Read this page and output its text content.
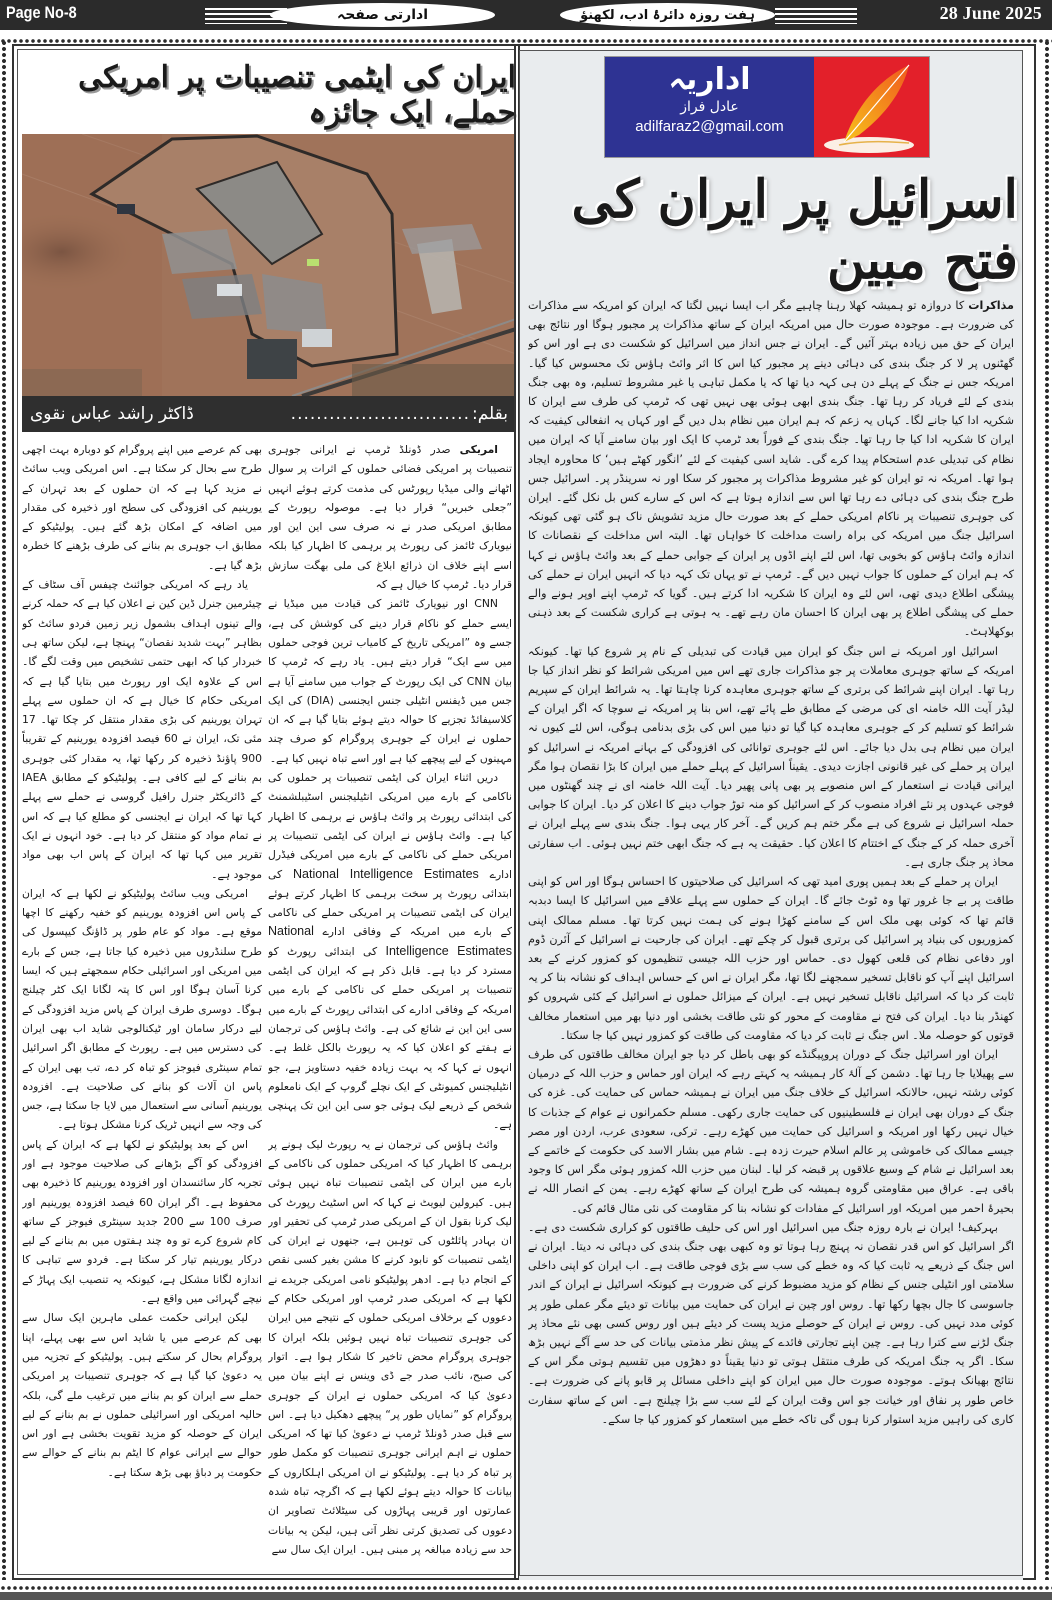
Page No-8	ادارتی صفحہ	ہفت روزہ دائرۂ ادب، لکھنؤ	28 June 2025
ایران کی ایٹمی تنصیبات پر امریکی حملے، ایک جائزہ
بقلم:
............................
ڈاکٹر راشد عباس نقوی

امریکی صدر ڈونلڈ ٹرمپ نے ایرانی جوہری تنصیبات پر امریکی فضائی حملوں کے اثرات پر سوال اٹھانے والی میڈیا رپورٹس کی مذمت کرتے ہوئے انہیں ”جعلی خبریں“ قرار دیا ہے۔ موصولہ رپورٹ کے مطابق امریکی صدر نے نہ صرف سی این این اور نیویارک ٹائمز کی رپورٹ پر برہمی کا اظہار کیا بلکہ اسے اپنے خلاف ان ذرائع ابلاغ کی ملی بھگت سازش قرار دیا۔ ٹرمپ کا خیال ہے کہ

CNN اور نیویارک ٹائمز کی قیادت میں میڈیا نے ایسے حملے کو ناکام قرار دینے کی کوشش کی ہے، جسے وہ ”امریکی تاریخ کے کامیاب ترین فوجی حملوں میں سے ایک“ قرار دیتے ہیں۔ یاد رہے کہ ٹرمپ کا بیان CNN کی ایک رپورٹ کے جواب میں سامنے آیا ہے جس میں ڈیفنس انٹیلی جنس ایجنسی (DIA) کی ایک کلاسیفائڈ تجزیے کا حوالہ دیتے ہوئے بتایا گیا ہے کہ ان حملوں نے ایران کے جوہری پروگرام کو صرف چند مہینوں کے لیے پیچھے کیا ہے اور اسے تباہ نہیں کیا ہے۔

دریں اثناء ایران کی ایٹمی تنصیبات پر حملوں کی ناکامی کے بارے میں امریکی انٹیلیجنس اسٹیبلشمنٹ کی ابتدائی رپورٹ پر وائٹ ہاؤس نے برہمی کا اظہار کیا ہے۔ وائٹ ہاؤس نے ایران کی ایٹمی تنصیبات پر امریکی حملے کی ناکامی کے بارے میں امریکی فیڈرل ادارے National Intelligence Estimates کی ابتدائی رپورٹ پر سخت برہمی کا اظہار کرتے ہوئے ایران کی ایٹمی تنصیبات پر امریکی حملے کی ناکامی کے بارے میں امریکہ کے وفاقی ادارے National Intelligence Estimates کی ابتدائی رپورٹ کو مسترد کر دیا ہے۔ قابل ذکر ہے کہ ایران کی ایٹمی تنصیبات پر امریکی حملے کی ناکامی کے بارے میں امریکہ کے وفاقی ادارے کی ابتدائی رپورٹ کے بارے میں سی این این نے شائع کی ہے۔ وائٹ ہاؤس کی ترجمان نے ہفتے کو اعلان کیا کہ یہ رپورٹ بالکل غلط ہے۔ انہوں نے کہا کہ یہ بہت زیادہ خفیہ دستاویز ہے، جو انٹیلیجنس کمیونٹی کے ایک نچلے گروپ کے ایک نامعلوم شخص کے ذریعے لیک ہوئی جو سی این این تک پہنچی ہے۔

وائٹ ہاؤس کی ترجمان نے یہ رپورٹ لیک ہونے پر برہمی کا اظہار کیا کہ امریکی حملوں کی ناکامی کے بارے میں ایران کی ایٹمی تنصیبات تباہ نہیں ہوئی ہیں۔ کیرولین لیویٹ نے کہا کہ اس اسٹیٹ رپورٹ کی لیک کرنا بقول ان کے امریکی صدر ٹرمپ کی تحقیر اور ان بہادر پائلٹوں کی توہین ہے، جنھوں نے ایران کی ایٹمی تنصیبات کو نابود کرنے کا مشن بغیر کسی نقص کے انجام دیا ہے۔ ادھر پولیٹیکو نامی امریکی جریدے نے لکھا ہے کہ امریکی صدر ٹرمپ اور امریکی حکام کے دعووں کے برخلاف امریکی حملوں کے نتیجے میں ایران کی جوہری تنصیبات تباہ نہیں ہوئیں بلکہ ایران کا جوہری پروگرام محض تاخیر کا شکار ہوا ہے۔ اتوار کی صبح، نائب صدر جے ڈی وینس نے اپنے بیان میں دعویٰ کیا کہ امریکی حملوں نے ایران کے جوہری پروگرام کو ”نمایاں طور پر“ پیچھے دھکیل دیا ہے۔ اس سے قبل صدر ڈونلڈ ٹرمپ نے دعویٰ کیا تھا کہ امریکی حملوں نے اہم ایرانی جوہری تنصیبات کو مکمل طور پر تباہ کر دیا ہے۔ پولیٹیکو نے ان امریکی اہلکاروں کے بیانات کا حوالہ دیتے ہوئے لکھا ہے کہ اگرچہ تباہ شدہ عمارتوں اور قریبی پہاڑوں کی سیٹلائٹ تصاویر ان دعووں کی تصدیق کرتی نظر آتی ہیں، لیکن یہ بیانات حد سے زیادہ مبالغہ پر مبنی ہیں۔ ایران ایک سال سے

بھی کم عرصے میں اپنے پروگرام کو دوبارہ بہت اچھی طرح سے بحال کر سکتا ہے۔ اس امریکی ویب سائٹ نے مزید کہا ہے کہ ان حملوں کے بعد تہران کے یورینیم کی افزودگی کی سطح اور ذخیرہ کی مقدار میں اضافہ کے امکان بڑھ گئے ہیں۔ پولیٹیکو کے مطابق اب جوہری بم بنانے کی طرف بڑھنے کا خطرہ بڑھ گیا ہے۔

یاد رہے کہ امریکی جوائنٹ چیفس آف سٹاف کے چیئرمین جنرل ڈین کین نے اعلان کیا ہے کہ حملہ کرنے والے تینوں اہداف بشمول زیر زمین فردو سائٹ کو بظاہر ”بہت شدید نقصان“ پہنچا ہے، لیکن ساتھ ہی خبردار کیا کہ ابھی حتمی تشخیص میں وقت لگے گا۔ اس کے علاوہ ایک اور رپورٹ میں بتایا گیا ہے کہ امریکی حکام کا خیال ہے کہ ان حملوں سے پہلے تہران یورینیم کی بڑی مقدار منتقل کر چکا تھا۔ 17 مئی تک، ایران نے 60 فیصد افزودہ یورینیم کے تقریباً 900 پاؤنڈ ذخیرہ کر رکھا تھا، یہ مقدار کئی جوہری بم بنانے کے لیے کافی ہے۔ پولیٹیکو کے مطابق IAEA کے ڈائریکٹر جنرل رافیل گروسی نے حملے سے پہلے کہا تھا کہ ایران نے ایجنسی کو مطلع کیا ہے کہ اس نے تمام مواد کو منتقل کر دیا ہے۔ خود انہوں نے ایک تقریر میں کہا تھا کہ ایران کے پاس اب بھی مواد موجود ہے۔

امریکی ویب سائٹ پولیٹیکو نے لکھا ہے کہ ایران کے پاس اس افزودہ یورینیم کو خفیہ رکھنے کا اچھا موقع ہے۔ مواد کو عام طور پر ڈاؤنگ کیپسول کی طرح سلنڈروں میں ذخیرہ کیا جاتا ہے، جس کے بارے میں امریکی اور اسرائیلی حکام سمجھتے ہیں کہ ایسا کرنا آسان ہوگا اور اس کا پتہ لگانا ایک کٹر چیلنج ہوگا۔ دوسری طرف ایران کے پاس مزید افزودگی کے لیے درکار سامان اور ٹیکنالوجی شاید اب بھی ایران کی دسترس میں ہے۔ رپورٹ کے مطابق اگر اسرائیل تمام سینٹری فیوجز کو تباہ کر دے، تب بھی ایران کے پاس ان آلات کو بنانے کی صلاحیت ہے۔ افزودہ یورینیم آسانی سے استعمال میں لایا جا سکتا ہے، جس کی وجہ سے انہیں ٹریک کرنا مشکل ہوتا ہے۔

اس کے بعد پولیٹیکو نے لکھا ہے کہ ایران کے پاس افزودگی کو آگے بڑھانے کی صلاحیت موجود ہے اور تجربہ کار سائنسدان اور افزودہ یورینیم کا ذخیرہ بھی محفوظ ہے۔ اگر ایران 60 فیصد افزودہ یورینیم اور صرف 100 سے 200 جدید سینٹری فیوجز کے ساتھ کام شروع کرے تو وہ چند ہفتوں میں بم بنانے کے لیے درکار یورینیم تیار کر سکتا ہے۔ فردو سے تباہی کا اندازہ لگانا مشکل ہے، کیونکہ یہ تنصیب ایک پہاڑ کے نیچے گہرائی میں واقع ہے۔

لیکن ایرانی حکمت عملی ماہرین ایک سال سے بھی کم عرصے میں یا شاید اس سے بھی پہلے، اپنا پروگرام بحال کر سکتے ہیں۔ پولیٹیکو کے تجزیہ میں یہ دعویٰ کیا گیا ہے کہ جوہری تنصیبات پر امریکی حملے سے ایران کو بم بنانے میں ترغیب ملے گی، بلکہ حالیہ امریکی اور اسرائیلی حملوں نے بم بنانے کے لیے ایران کے حوصلہ کو مزید تقویت بخشی ہے اور اس حوالے سے ایرانی عوام کا ایٹم بم بنانے کے حوالے سے حکومت پر دباؤ بھی بڑھ سکتا ہے۔

اداریہ
عادل فراز
adilfaraz2@gmail.com
اسرائیل پر ایران کی فتح مبین

مذاکرات کا دروازہ تو ہمیشہ کھلا رہنا چاہیے مگر اب ایسا نہیں لگتا کہ ایران کو امریکہ سے مذاکرات کی ضرورت ہے۔ موجودہ صورت حال میں امریکہ ایران کے ساتھ مذاکرات پر مجبور ہوگا اور نتائج بھی ایران کے حق میں زیادہ بہتر آئیں گے۔ ایران نے جس انداز میں اسرائیل کو شکست دی ہے اور اس کو گھٹنوں پر لا کر جنگ بندی کی دہائی دینے پر مجبور کیا اس کا اثر وائٹ ہاؤس تک محسوس کیا گیا۔ امریکہ جس نے جنگ کے پہلے دن ہی کہہ دیا تھا کہ یا مکمل تباہی یا غیر مشروط تسلیم، وہ بھی جنگ بندی کے لئے فریاد کر رہا تھا۔ جنگ بندی ابھی ہوئی بھی نہیں تھی کہ ٹرمپ کی طرف سے ایران کا شکریہ ادا کیا جانے لگا۔ کہاں یہ زعم کہ ہم ایران میں نظام بدل دیں گے اور کہاں یہ انفعالی کیفیت کہ ایران کا شکریہ ادا کیا جا رہا تھا۔ جنگ بندی کے فوراً بعد ٹرمپ کا ایک اور بیان سامنے آیا کہ ایران میں نظام کی تبدیلی عدم استحکام پیدا کرے گی۔ شاید اسی کیفیت کے لئے ’انگور کھٹے ہیں‘ کا محاورہ ایجاد ہوا تھا۔ امریکہ نہ تو ایران کو غیر مشروط مذاکرات پر مجبور کر سکا اور نہ سرینڈر پر۔ اسرائیل جس طرح جنگ بندی کی دہائی دے رہا تھا اس سے اندازہ ہوتا ہے کہ اس کے سارے کس بل نکل گئے۔ ایران کی جوہری تنصیبات پر ناکام امریکی حملے کے بعد صورت حال مزید تشویش ناک ہو گئی تھی کیونکہ اسرائیل جنگ میں امریکہ کی براہ راست مداخلت کا خواہاں تھا۔ البتہ اس مداخلت کے نقصانات کا اندازہ وائٹ ہاؤس کو بخوبی تھا، اس لئے اپنے اڈوں پر ایران کے جوابی حملے کے بعد وائٹ ہاؤس نے کہا کہ ہم ایران کے حملوں کا جواب نہیں دیں گے۔ ٹرمپ نے تو یہاں تک کہہ دیا کہ انہیں ایران نے حملے کی پیشگی اطلاع دیدی تھی، اس لئے وہ ایران کا شکریہ ادا کرتے ہیں۔ گویا کہ ٹرمپ اپنے اوپر ہونے والے حملے کی پیشگی اطلاع پر بھی ایران کا احسان مان رہے تھے۔ یہ ہوتی ہے کراری شکست کے بعد ذہنی بوکھلاہٹ۔

اسرائیل اور امریکہ نے اس جنگ کو ایران میں قیادت کی تبدیلی کے نام پر شروع کیا تھا۔ کیونکہ امریکہ کے ساتھ جوہری معاملات پر جو مذاکرات جاری تھے اس میں امریکی شرائط کو نظر انداز کیا جا رہا تھا۔ ایران اپنے شرائط کی برتری کے ساتھ جوہری معاہدہ کرنا چاہتا تھا۔ یہ شرائط ایران کے سپریم لیڈر آیت اللہ خامنہ ای کی مرضی کے مطابق طے پائے تھے، اس بنا پر امریکہ نے سوچا کہ اگر ایران کے شرائط کو تسلیم کر کے جوہری معاہدہ کیا گیا تو دنیا میں اس کی بڑی بدنامی ہوگی، اس لئے کیوں نہ ایران میں نظام ہی بدل دیا جائے۔ اس لئے جوہری توانائی کی افزودگی کے بہانے امریکہ نے اسرائیل کو ایران پر حملے کی غیر قانونی اجازت دیدی۔ یقیناً اسرائیل کے پہلے حملے میں ایران کا بڑا نقصان ہوا مگر ایرانی قیادت نے استعمار کے اس منصوبے پر بھی پانی پھیر دیا۔ آیت اللہ خامنہ ای نے چند گھنٹوں میں فوجی عہدوں پر نئے افراد منصوب کر کے اسرائیل کو منہ توڑ جواب دینے کا اعلان کر دیا۔ ایران کا جوابی حملہ اسرائیل نے شروع کی ہے مگر ختم ہم کریں گے۔ آخر کار یہی ہوا۔ جنگ بندی سے پہلے ایران نے آخری حملہ کر کے جنگ کے اختتام کا اعلان کیا۔ حقیقت یہ ہے کہ جنگ ابھی ختم نہیں ہوئی۔ اب سفارتی محاذ پر جنگ جاری ہے۔

ایران پر حملے کے بعد ہمیں پوری امید تھی کہ اسرائیل کی صلاحیتوں کا احساس ہوگا اور اس کو اپنی طاقت پر بے جا غرور تھا وہ ٹوٹ جائے گا۔ ایران کے حملوں سے پہلے علاقے میں اسرائیل کا ایسا دبدبہ قائم تھا کہ کوئی بھی ملک اس کے سامنے کھڑا ہونے کی ہمت نہیں کرتا تھا۔ مسلم ممالک اپنی کمزوریوں کی بنیاد پر اسرائیل کی برتری قبول کر چکے تھے۔ ایران کی جارحیت نے اسرائیل کے آئرن ڈوم اور دفاعی نظام کی قلعی کھول دی۔ حماس اور حزب اللہ جیسی تنظیموں کو کمزور کرنے کے بعد اسرائیل اپنے آپ کو ناقابل تسخیر سمجھنے لگا تھا، مگر ایران نے اس کے حساس اہداف کو نشانہ بنا کر یہ ثابت کر دیا کہ اسرائیل ناقابل تسخیر نہیں ہے۔ ایران کے میزائل حملوں نے اسرائیل کے کئی شہروں کو کھنڈر بنا دیا۔ ایران کی فتح نے مقاومت کے محور کو نئی طاقت بخشی اور دنیا بھر میں استعمار مخالف قوتوں کو حوصلہ ملا۔ اس جنگ نے ثابت کر دیا کہ مقاومت کی طاقت کو کمزور نہیں کیا جا سکتا۔

ایران اور اسرائیل جنگ کے دوران پروپیگنڈے کو بھی باطل کر دیا جو ایران مخالف طاقتوں کی طرف سے پھیلایا جا رہا تھا۔ دشمن کے آلۂ کار ہمیشہ یہ کہتے رہے کہ ایران اور حماس و حزب اللہ کے درمیان کوئی رشتہ نہیں، حالانکہ اسرائیل کے خلاف جنگ میں ایران نے ہمیشہ حماس کی حمایت کی۔ غزہ کی جنگ کے دوران بھی ایران نے فلسطینیوں کی حمایت جاری رکھی۔ مسلم حکمرانوں نے عوام کے جذبات کا خیال نہیں رکھا اور امریکہ و اسرائیل کی حمایت میں کھڑے رہے۔ ترکی، سعودی عرب، اردن اور مصر جیسے ممالک کی خاموشی پر عالم اسلام حیرت زدہ ہے۔ شام میں بشار الاسد کی حکومت کے خاتمے کے بعد اسرائیل نے شام کے وسیع علاقوں پر قبضہ کر لیا۔ لبنان میں حزب اللہ کمزور ہوئی مگر اس کا وجود باقی ہے۔ عراق میں مقاومتی گروہ ہمیشہ کی طرح ایران کے ساتھ کھڑے رہے۔ یمن کے انصار اللہ نے بحیرۂ احمر میں امریکہ اور اسرائیل کے مفادات کو نشانہ بنا کر مقاومت کی نئی مثال قائم کی۔

بہرکیف! ایران نے بارہ روزہ جنگ میں اسرائیل اور اس کی حلیف طاقتوں کو کراری شکست دی ہے۔ اگر اسرائیل کو اس قدر نقصان نہ پہنچ رہا ہوتا تو وہ کبھی بھی جنگ بندی کی دہائی نہ دیتا۔ ایران نے اس جنگ کے ذریعے یہ ثابت کیا کہ وہ خطے کی سب سے بڑی فوجی طاقت ہے۔ اب ایران کو اپنی داخلی سلامتی اور انٹیلی جنس کے نظام کو مزید مضبوط کرنے کی ضرورت ہے کیونکہ اسرائیل نے ایران کے اندر جاسوسی کا جال بچھا رکھا تھا۔ روس اور چین نے ایران کی حمایت میں بیانات تو دیئے مگر عملی طور پر کوئی مدد نہیں کی۔ روس نے ایران کے حوصلے مزید پست کر دیئے ہیں اور روس کسی بھی نئے محاذ پر جنگ لڑنے سے کترا رہا ہے۔ چین اپنے تجارتی فائدے کے پیش نظر مذمتی بیانات کی حد سے آگے نہیں بڑھ سکا۔ اگر یہ جنگ امریکہ کی طرف منتقل ہوتی تو دنیا یقیناً دو دھڑوں میں تقسیم ہوتی مگر اس کے نتائج بھیانک ہوتے۔ موجودہ صورت حال میں ایران کو اپنے داخلی مسائل پر قابو پانے کی ضرورت ہے۔ خاص طور پر نفاق اور خیانت جو اس وقت ایران کے لئے سب سے بڑا چیلنج ہے۔ اس کے ساتھ سفارت کاری کی راہیں مزید استوار کرنا ہوں گی تاکہ خطے میں استعمار کو کمزور کیا جا سکے۔
